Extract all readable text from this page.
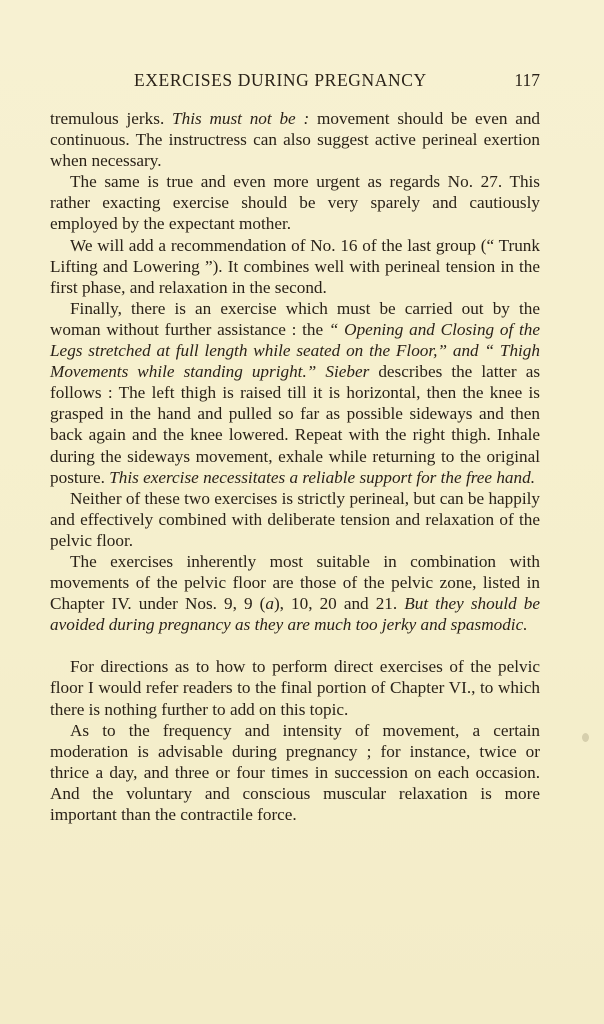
EXERCISES DURING PREGNANCY	117

tremulous jerks. This must not be : movement should be even and continuous. The instructress can also suggest active perineal exertion when necessary.

The same is true and even more urgent as regards No. 27. This rather exacting exercise should be very sparely and cautiously employed by the expectant mother.

We will add a recommendation of No. 16 of the last group (“ Trunk Lifting and Lowering ”). It combines well with perineal tension in the first phase, and relaxation in the second.

Finally, there is an exercise which must be carried out by the woman without further assistance : the “ Opening and Closing of the Legs stretched at full length while seated on the Floor,” and “ Thigh Movements while standing upright.” Sieber describes the latter as follows : The left thigh is raised till it is horizontal, then the knee is grasped in the hand and pulled so far as possible sideways and then back again and the knee lowered. Repeat with the right thigh. Inhale during the sideways movement, exhale while returning to the original posture. This exercise necessitates a reliable support for the free hand.

Neither of these two exercises is strictly perineal, but can be happily and effectively combined with deliberate tension and relaxation of the pelvic floor.

The exercises inherently most suitable in combination with movements of the pelvic floor are those of the pelvic zone, listed in Chapter IV. under Nos. 9, 9 (a), 10, 20 and 21. But they should be avoided during pregnancy as they are much too jerky and spasmodic.

For directions as to how to perform direct exercises of the pelvic floor I would refer readers to the final portion of Chapter VI., to which there is nothing further to add on this topic.

As to the frequency and intensity of movement, a certain moderation is advisable during pregnancy ; for instance, twice or thrice a day, and three or four times in succession on each occasion. And the voluntary and conscious muscular relaxation is more important than the contractile force.
